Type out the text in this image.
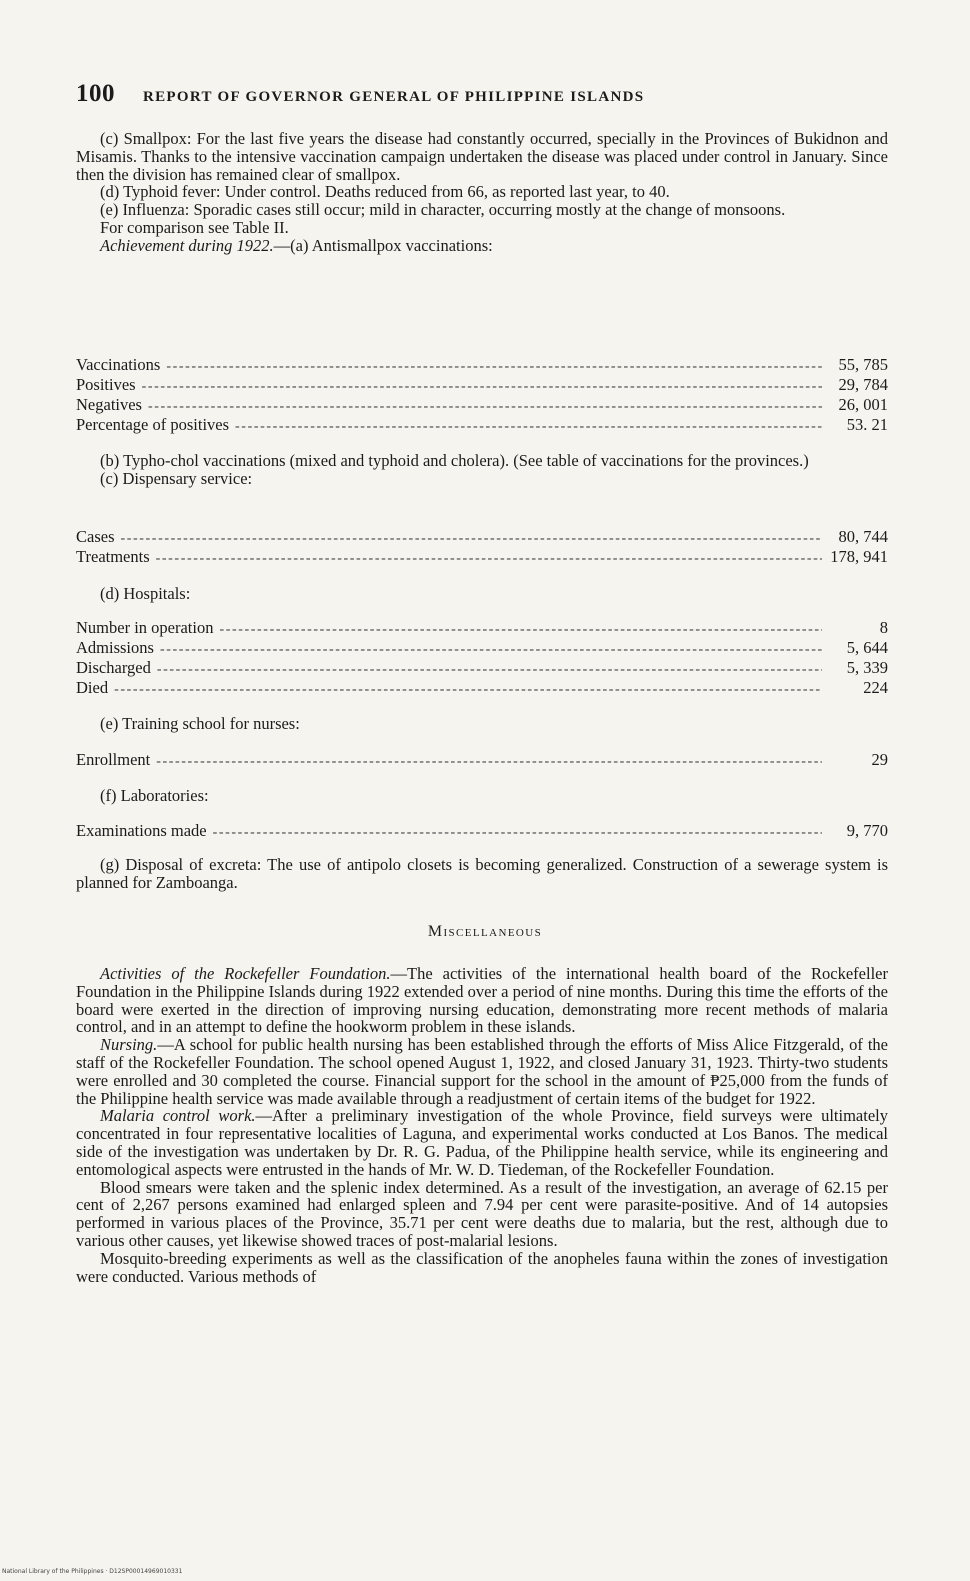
100 REPORT OF GOVERNOR GENERAL OF PHILIPPINE ISLANDS

(c) Smallpox: For the last five years the disease had constantly occurred, specially in the Provinces of Bukidnon and Misamis. Thanks to the intensive vaccination campaign undertaken the disease was placed under control in January. Since then the division has remained clear of smallpox.

(d) Typhoid fever: Under control. Deaths reduced from 66, as reported last year, to 40.

(e) Influenza: Sporadic cases still occur; mild in character, occurring mostly at the change of monsoons.

For comparison see Table II.

Achievement during 1922.—(a) Antismallpox vaccinations:

Vaccinations -----	55, 785
Positives -----	29, 784
Negatives -----	26, 001
Percentage of positives -----	53. 21

(b) Typho-chol vaccinations (mixed and typhoid and cholera). (See table of vaccinations for the provinces.)

(c) Dispensary service:

Cases -----	80, 744
Treatments -----	178, 941
(d) Hospitals:
Number in operation -----	8
Admissions -----	5, 644
Discharged -----	5, 339
Died -----	224
(e) Training school for nurses:
Enrollment -----	29
(f) Laboratories:
Examinations made -----	9, 770

(g) Disposal of excreta: The use of antipolo closets is becoming generalized. Construction of a sewerage system is planned for Zamboanga.

Miscellaneous

Activities of the Rockefeller Foundation.—The activities of the international health board of the Rockefeller Foundation in the Philippine Islands during 1922 extended over a period of nine months. During this time the efforts of the board were exerted in the direction of improving nursing education, demonstrating more recent methods of malaria control, and in an attempt to define the hookworm problem in these islands.

Nursing.—A school for public health nursing has been established through the efforts of Miss Alice Fitzgerald, of the staff of the Rockefeller Foundation. The school opened August 1, 1922, and closed January 31, 1923. Thirty-two students were enrolled and 30 completed the course. Financial support for the school in the amount of ₱25,000 from the funds of the Philippine health service was made available through a readjustment of certain items of the budget for 1922.

Malaria control work.—After a preliminary investigation of the whole Province, field surveys were ultimately concentrated in four representative localities of Laguna, and experimental works conducted at Los Banos. The medical side of the investigation was undertaken by Dr. R. G. Padua, of the Philippine health service, while its engineering and entomological aspects were entrusted in the hands of Mr. W. D. Tiedeman, of the Rockefeller Foundation.

Blood smears were taken and the splenic index determined. As a result of the investigation, an average of 62.15 per cent of 2,267 persons examined had enlarged spleen and 7.94 per cent were parasite-positive. And of 14 autopsies performed in various places of the Province, 35.71 per cent were deaths due to malaria, but the rest, although due to various other causes, yet likewise showed traces of post-malarial lesions.

Mosquito-breeding experiments as well as the classification of the anopheles fauna within the zones of investigation were conducted. Various methods of

National Library of the Philippines · D12SP00014969010331
